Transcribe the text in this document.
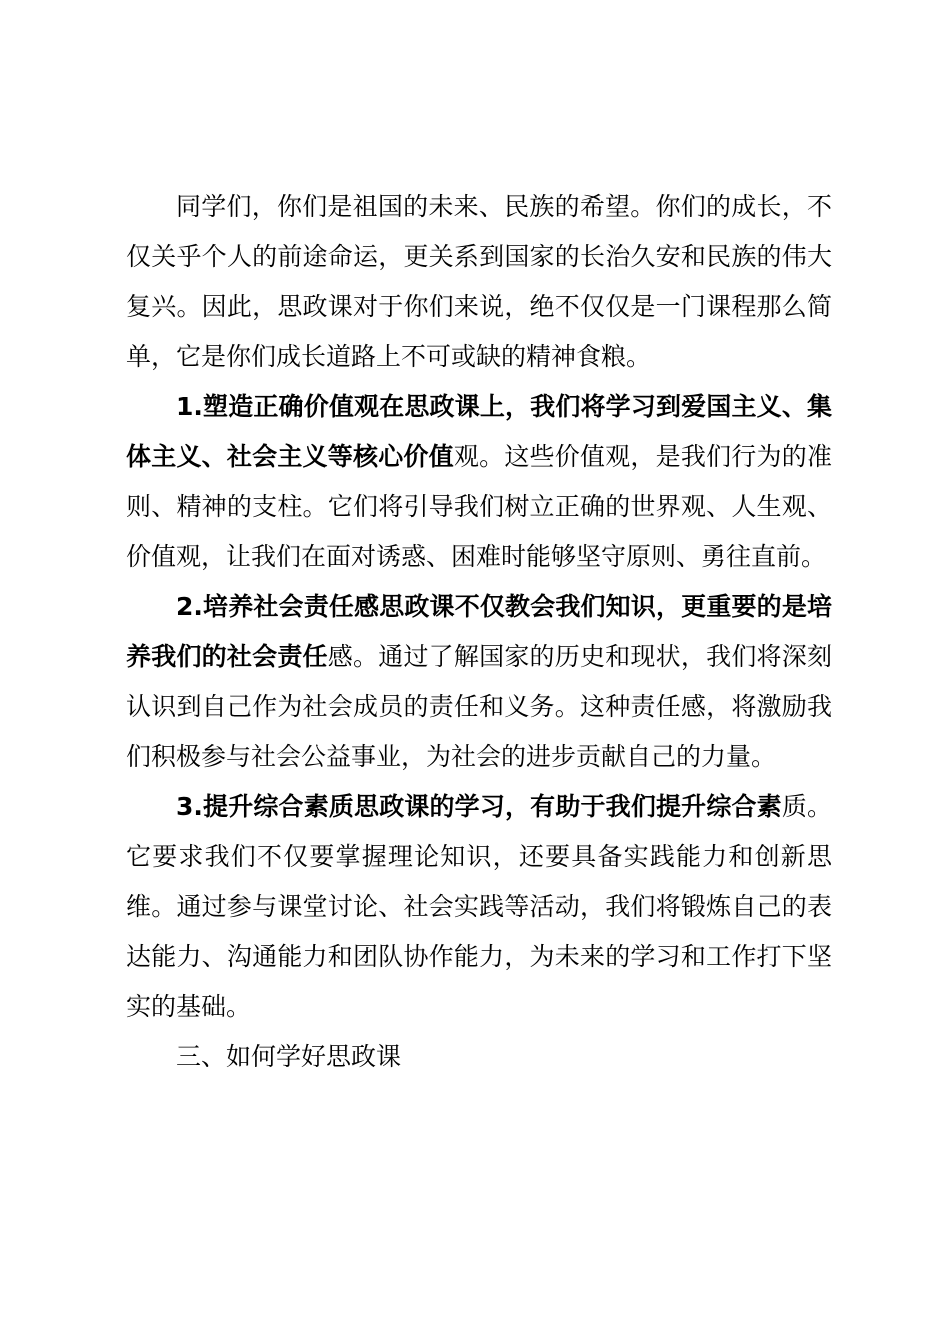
同学们，你们是祖国的未来、民族的希望。你们的成长，不仅关乎个人的前途命运，更关系到国家的长治久安和民族的伟大复兴。因此，思政课对于你们来说，绝不仅仅是一门课程那么简单，它是你们成长道路上不可或缺的精神食粮。

1.塑造正确价值观在思政课上，我们将学习到爱国主义、集体主义、社会主义等核心价值观。这些价值观，是我们行为的准则、精神的支柱。它们将引导我们树立正确的世界观、人生观、价值观，让我们在面对诱惑、困难时能够坚守原则、勇往直前。

2.培养社会责任感思政课不仅教会我们知识，更重要的是培养我们的社会责任感。通过了解国家的历史和现状，我们将深刻认识到自己作为社会成员的责任和义务。这种责任感，将激励我们积极参与社会公益事业，为社会的进步贡献自己的力量。

3.提升综合素质思政课的学习，有助于我们提升综合素质。它要求我们不仅要掌握理论知识，还要具备实践能力和创新思维。通过参与课堂讨论、社会实践等活动，我们将锻炼自己的表达能力、沟通能力和团队协作能力，为未来的学习和工作打下坚实的基础。

三、如何学好思政课
